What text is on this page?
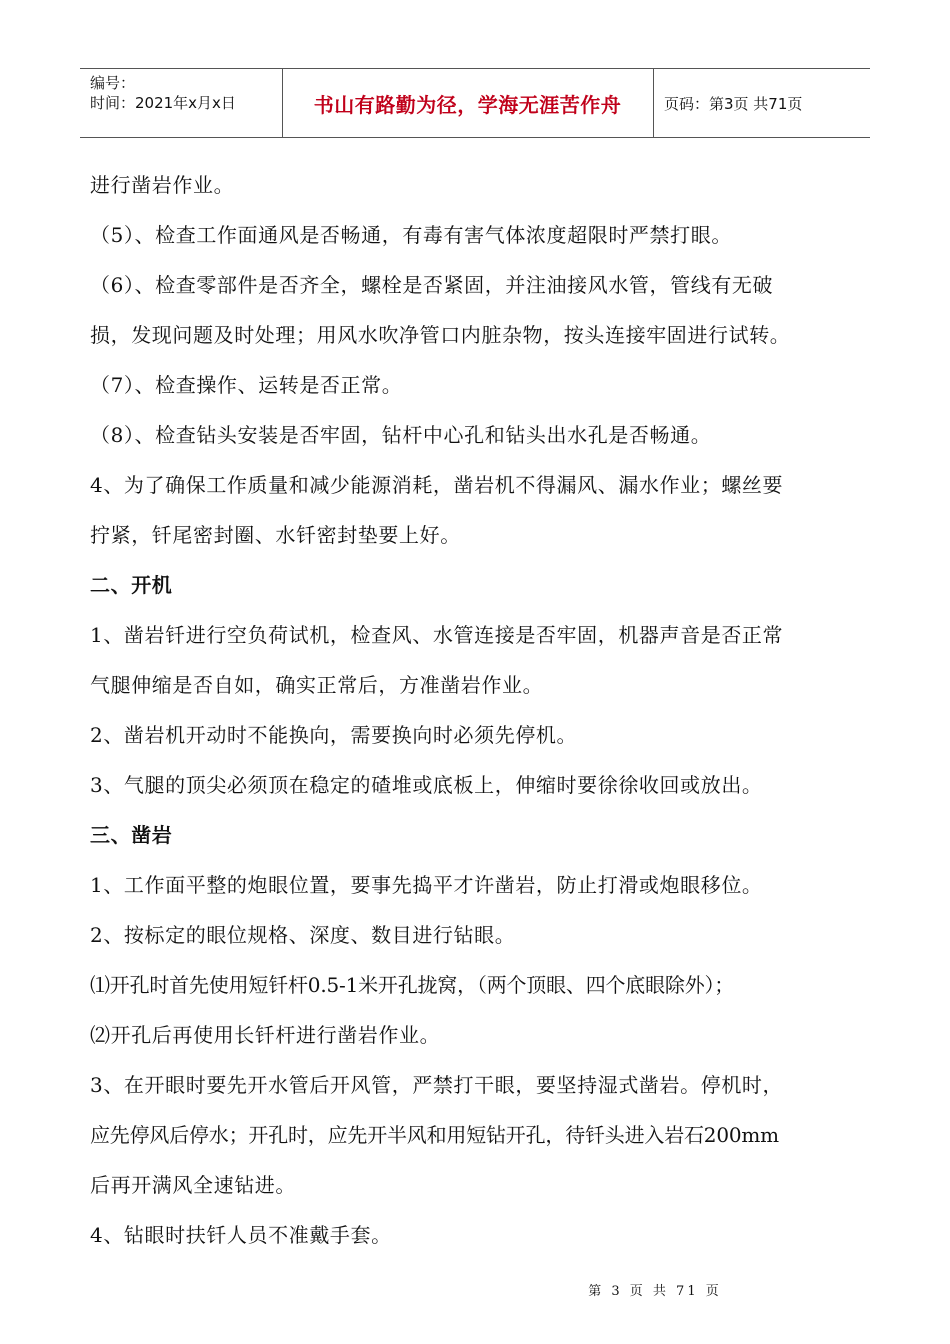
编号：
时间：2021年x月x日	书山有路勤为径，学海无涯苦作舟	页码：第3页 共71页
进行凿岩作业。
（5）、检查工作面通风是否畅通，有毒有害气体浓度超限时严禁打眼。
（6）、检查零部件是否齐全，螺栓是否紧固，并注油接风水管，管线有无破
损，发现问题及时处理；用风水吹净管口内脏杂物，按头连接牢固进行试转。
（7）、检查操作、运转是否正常。
（8）、检查钻头安装是否牢固，钻杆中心孔和钻头出水孔是否畅通。
4、为了确保工作质量和减少能源消耗，凿岩机不得漏风、漏水作业；螺丝要
拧紧，钎尾密封圈、水钎密封垫要上好。
二、开机
1、凿岩钎进行空负荷试机，检查风、水管连接是否牢固，机器声音是否正常
气腿伸缩是否自如，确实正常后，方准凿岩作业。
2、凿岩机开动时不能换向，需要换向时必须先停机。
3、气腿的顶尖必须顶在稳定的碴堆或底板上，伸缩时要徐徐收回或放出。
三、凿岩
1、工作面平整的炮眼位置，要事先捣平才许凿岩，防止打滑或炮眼移位。
2、按标定的眼位规格、深度、数目进行钻眼。
⑴开孔时首先使用短钎杆0.5-1米开孔拢窝，（两个顶眼、四个底眼除外）；
⑵开孔后再使用长钎杆进行凿岩作业。
3、在开眼时要先开水管后开风管，严禁打干眼，要坚持湿式凿岩。停机时，
应先停风后停水；开孔时，应先开半风和用短钻开孔，待钎头进入岩石200mm
后再开满风全速钻进。
4、钻眼时扶钎人员不准戴手套。
第 3 页 共 71 页
